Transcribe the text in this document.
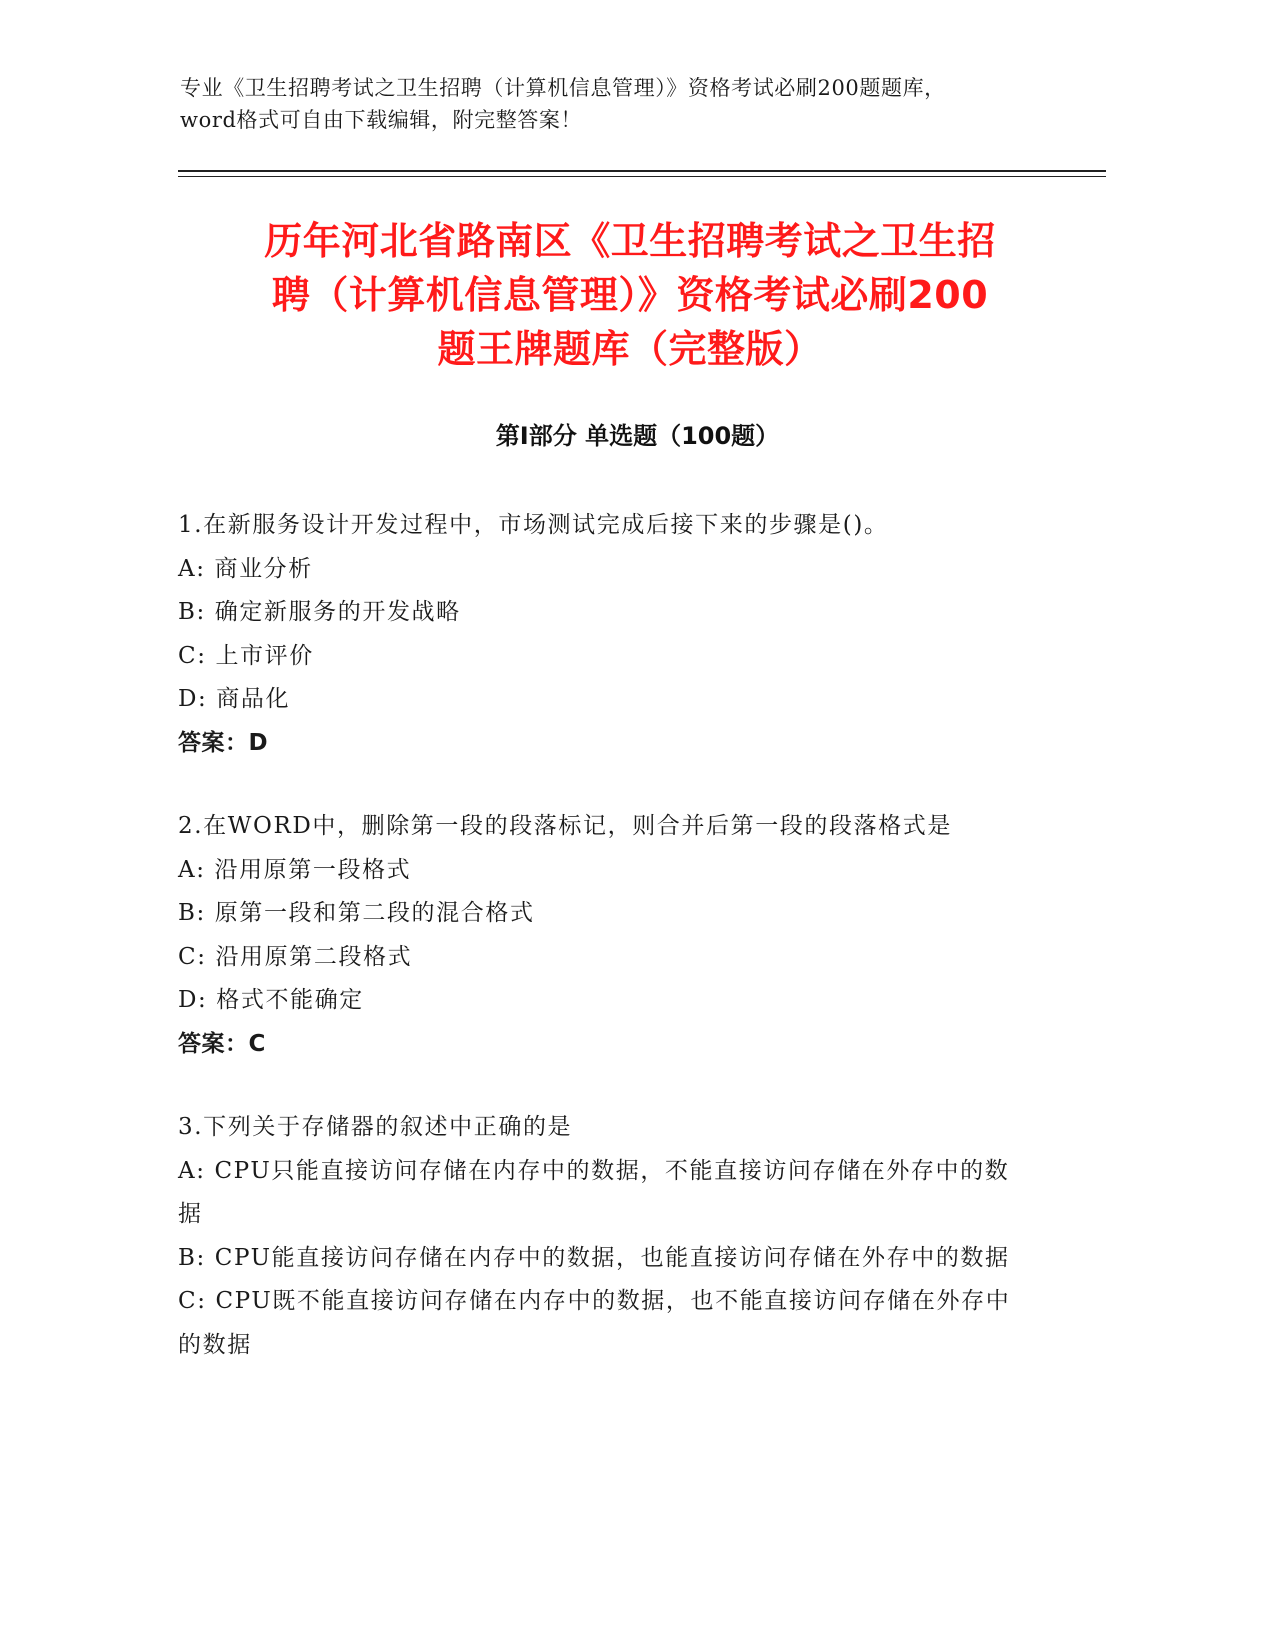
专业《卫生招聘考试之卫生招聘（计算机信息管理）》资格考试必刷200题题库，
word格式可自由下载编辑，附完整答案！
历年河北省路南区《卫生招聘考试之卫生招
聘（计算机信息管理）》资格考试必刷200
题王牌题库（完整版）
第Ⅰ部分 单选题（100题）
1.在新服务设计开发过程中，市场测试完成后接下来的步骤是()。
A: 商业分析
B: 确定新服务的开发战略
C: 上市评价
D: 商品化
答案：D
2.在WORD中，删除第一段的段落标记，则合并后第一段的段落格式是
A: 沿用原第一段格式
B: 原第一段和第二段的混合格式
C: 沿用原第二段格式
D: 格式不能确定
答案：C
3.下列关于存储器的叙述中正确的是
A: CPU只能直接访问存储在内存中的数据，不能直接访问存储在外存中的数据
B: CPU能直接访问存储在内存中的数据，也能直接访问存储在外存中的数据
C: CPU既不能直接访问存储在内存中的数据，也不能直接访问存储在外存中的数据
